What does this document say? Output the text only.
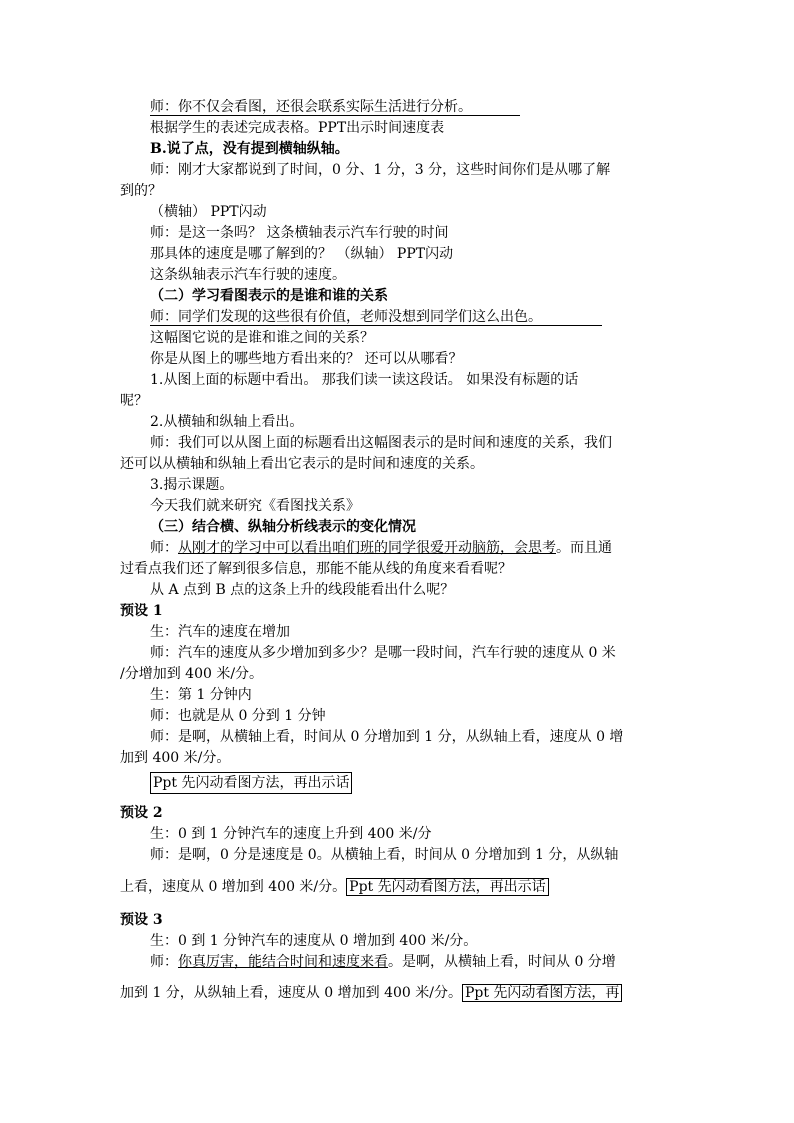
师：你不仅会看图，还很会联系实际生活进行分析。
根据学生的表述完成表格。PPT出示时间速度表
B.说了点，没有提到横轴纵轴。
师：刚才大家都说到了时间，0 分、1 分，3 分，这些时间你们是从哪了解
到的？
（横轴） PPT闪动
师：是这一条吗？ 这条横轴表示汽车行驶的时间
那具体的速度是哪了解到的？ （纵轴） PPT闪动
这条纵轴表示汽车行驶的速度。
（二）学习看图表示的是谁和谁的关系
师：同学们发现的这些很有价值，老师没想到同学们这么出色。
这幅图它说的是谁和谁之间的关系？
你是从图上的哪些地方看出来的？ 还可以从哪看？
1.从图上面的标题中看出。 那我们读一读这段话。 如果没有标题的话
呢？
2.从横轴和纵轴上看出。
师：我们可以从图上面的标题看出这幅图表示的是时间和速度的关系，我们
还可以从横轴和纵轴上看出它表示的是时间和速度的关系。
3.揭示课题。
今天我们就来研究《看图找关系》
（三）结合横、纵轴分析线表示的变化情况
师：从刚才的学习中可以看出咱们班的同学很爱开动脑筋，会思考。而且通
过看点我们还了解到很多信息，那能不能从线的角度来看看呢？
从 A 点到 B 点的这条上升的线段能看出什么呢？
预设 1
生：汽车的速度在增加
师：汽车的速度从多少增加到多少？是哪一段时间，汽车行驶的速度从 0 米
/分增加到 400 米/分。
生：第 1 分钟内
师：也就是从 0 分到 1 分钟
师：是啊，从横轴上看，时间从 0 分增加到 1 分，从纵轴上看，速度从 0 增
加到 400 米/分。
Ppt 先闪动看图方法，再出示话
预设 2
生：0 到 1 分钟汽车的速度上升到 400 米/分
师：是啊，0 分是速度是 0。从横轴上看，时间从 0 分增加到 1 分，从纵轴
上看，速度从 0 增加到 400 米/分。 Ppt 先闪动看图方法，再出示话
预设 3
生：0 到 1 分钟汽车的速度从 0 增加到 400 米/分。
师：你真厉害，能结合时间和速度来看。是啊，从横轴上看，时间从 0 分增
加到 1 分，从纵轴上看，速度从 0 增加到 400 米/分。 Ppt 先闪动看图方法，再
